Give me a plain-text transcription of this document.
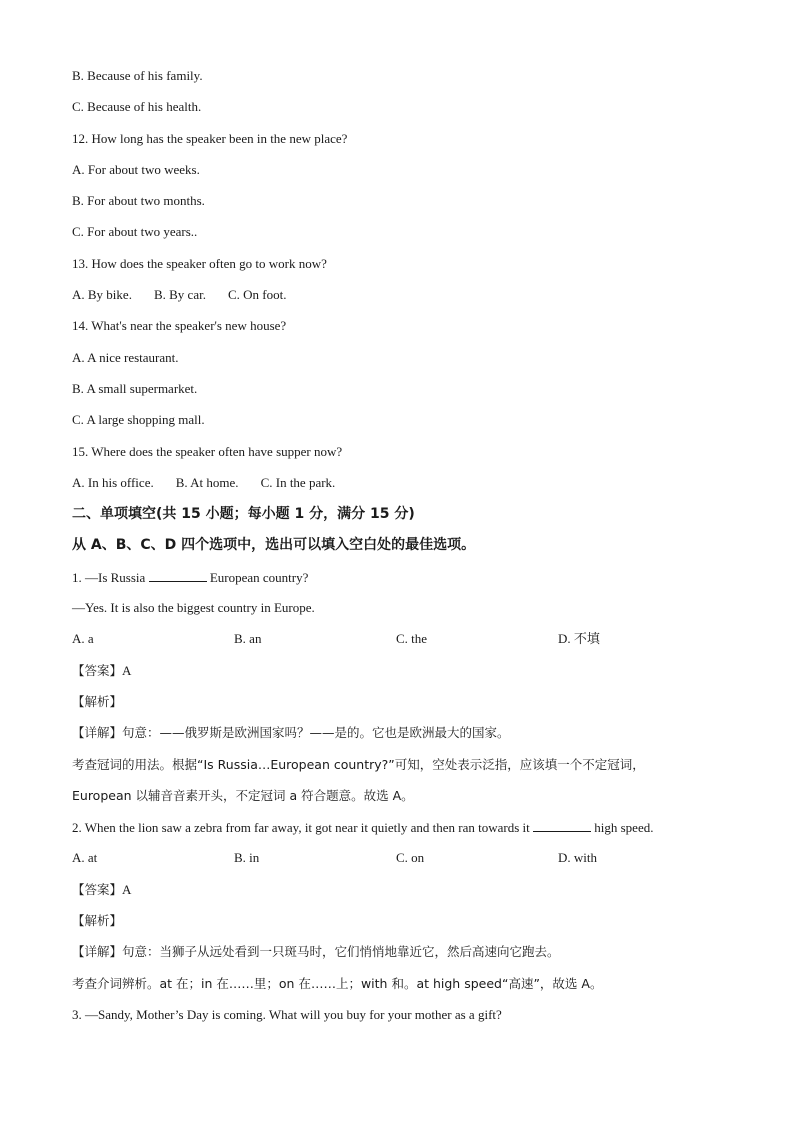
B. Because of his family.
C. Because of his health.
12. How long has the speaker been in the new place?
A. For about two weeks.
B. For about two months.
C. For about two years..
13. How does the speaker often go to work now?
A. By bike. B. By car. C. On foot.
14. What's near the speaker's new house?
A. A nice restaurant.
B. A small supermarket.
C. A large shopping mall.
15. Where does the speaker often have supper now?
A. In his office. B. At home. C. In the park.
二、单项填空(共 15 小题；每小题 1 分，满分 15 分)
从 A、B、C、D 四个选项中，选出可以填入空白处的最佳选项。
1. —Is Russia	European country?
—Yes. It is also the biggest country in Europe.
A. a	B. an	C. the	D. 不填
【答案】A
【解析】
【详解】句意：——俄罗斯是欧洲国家吗？——是的。它也是欧洲最大的国家。
考查冠词的用法。根据“Is Russia…European country?”可知，空处表示泛指，应该填一个不定冠词，
European 以辅音音素开头，不定冠词 a 符合题意。故选 A。
2. When the lion saw a zebra from far away, it got near it quietly and then ran towards it	high speed.
A. at	B. in	C. on	D. with
【答案】A
【解析】
【详解】句意：当狮子从远处看到一只斑马时，它们悄悄地靠近它，然后高速向它跑去。
考查介词辨析。at 在；in 在……里；on 在……上；with 和。at high speed“高速”，故选 A。
3. —Sandy, Mother’s Day is coming. What will you buy for your mother as a gift?
